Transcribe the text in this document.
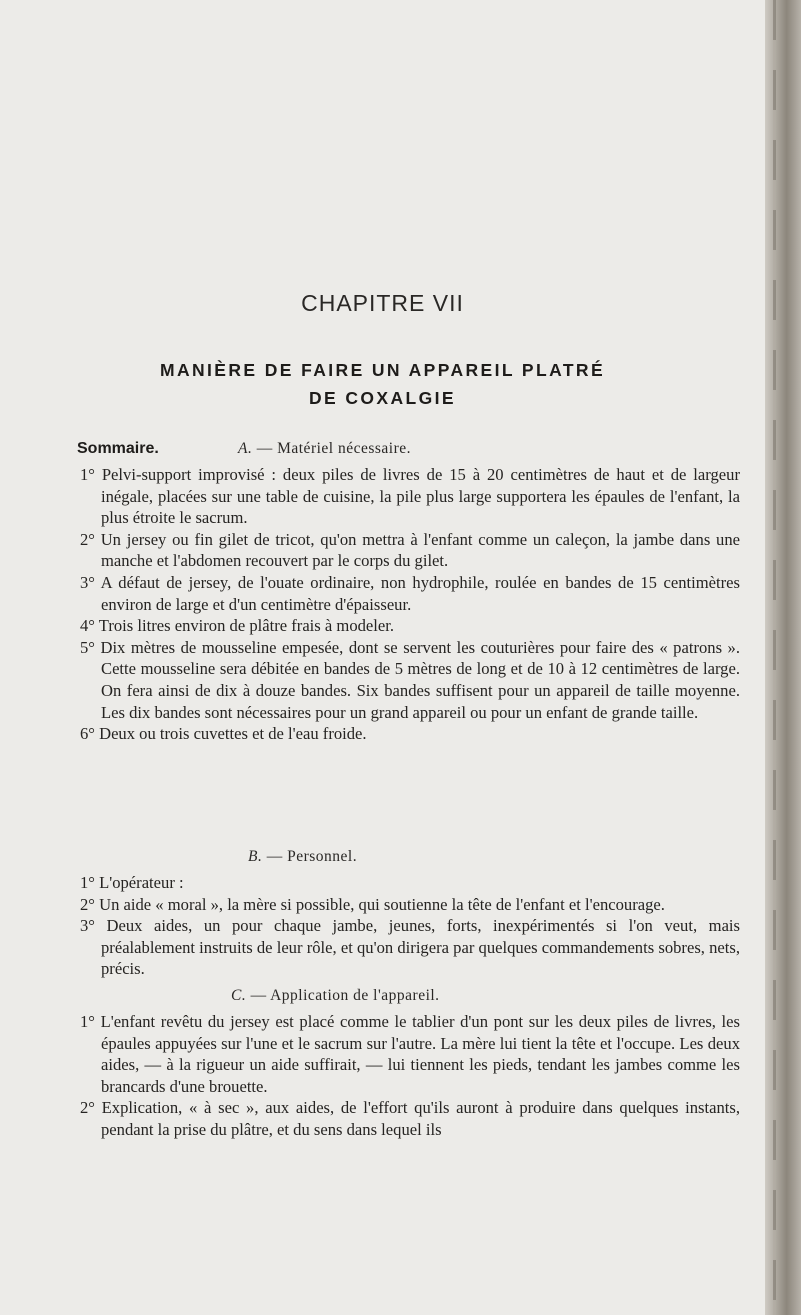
CHAPITRE VII
MANIÈRE DE FAIRE UN APPAREIL PLATRÉ
DE COXALGIE
Sommaire.	A. — Matériel nécessaire.

1° Pelvi-support improvisé : deux piles de livres de 15 à 20 centimètres de haut et de largeur inégale, placées sur une table de cuisine, la pile plus large supportera les épaules de l'enfant, la plus étroite le sacrum.

2° Un jersey ou fin gilet de tricot, qu'on mettra à l'enfant comme un caleçon, la jambe dans une manche et l'abdomen recouvert par le corps du gilet.

3° A défaut de jersey, de l'ouate ordinaire, non hydrophile, roulée en bandes de 15 centimètres environ de large et d'un centimètre d'épaisseur.

4° Trois litres environ de plâtre frais à modeler.

5° Dix mètres de mousseline empesée, dont se servent les couturières pour faire des « patrons ». Cette mousseline sera débitée en bandes de 5 mètres de long et de 10 à 12 centimètres de large. On fera ainsi de dix à douze bandes. Six bandes suffisent pour un appareil de taille moyenne. Les dix bandes sont nécessaires pour un grand appareil ou pour un enfant de grande taille.

6° Deux ou trois cuvettes et de l'eau froide.

B. — Personnel.

1° L'opérateur :

2° Un aide « moral », la mère si possible, qui soutienne la tête de l'enfant et l'encourage.

3° Deux aides, un pour chaque jambe, jeunes, forts, inexpérimentés si l'on veut, mais préalablement instruits de leur rôle, et qu'on dirigera par quelques commandements sobres, nets, précis.

C. — Application de l'appareil.

1° L'enfant revêtu du jersey est placé comme le tablier d'un pont sur les deux piles de livres, les épaules appuyées sur l'une et le sacrum sur l'autre. La mère lui tient la tête et l'occupe. Les deux aides, — à la rigueur un aide suffirait, — lui tiennent les pieds, tendant les jambes comme les brancards d'une brouette.

2° Explication, « à sec », aux aides, de l'effort qu'ils auront à produire dans quelques instants, pendant la prise du plâtre, et du sens dans lequel ils
